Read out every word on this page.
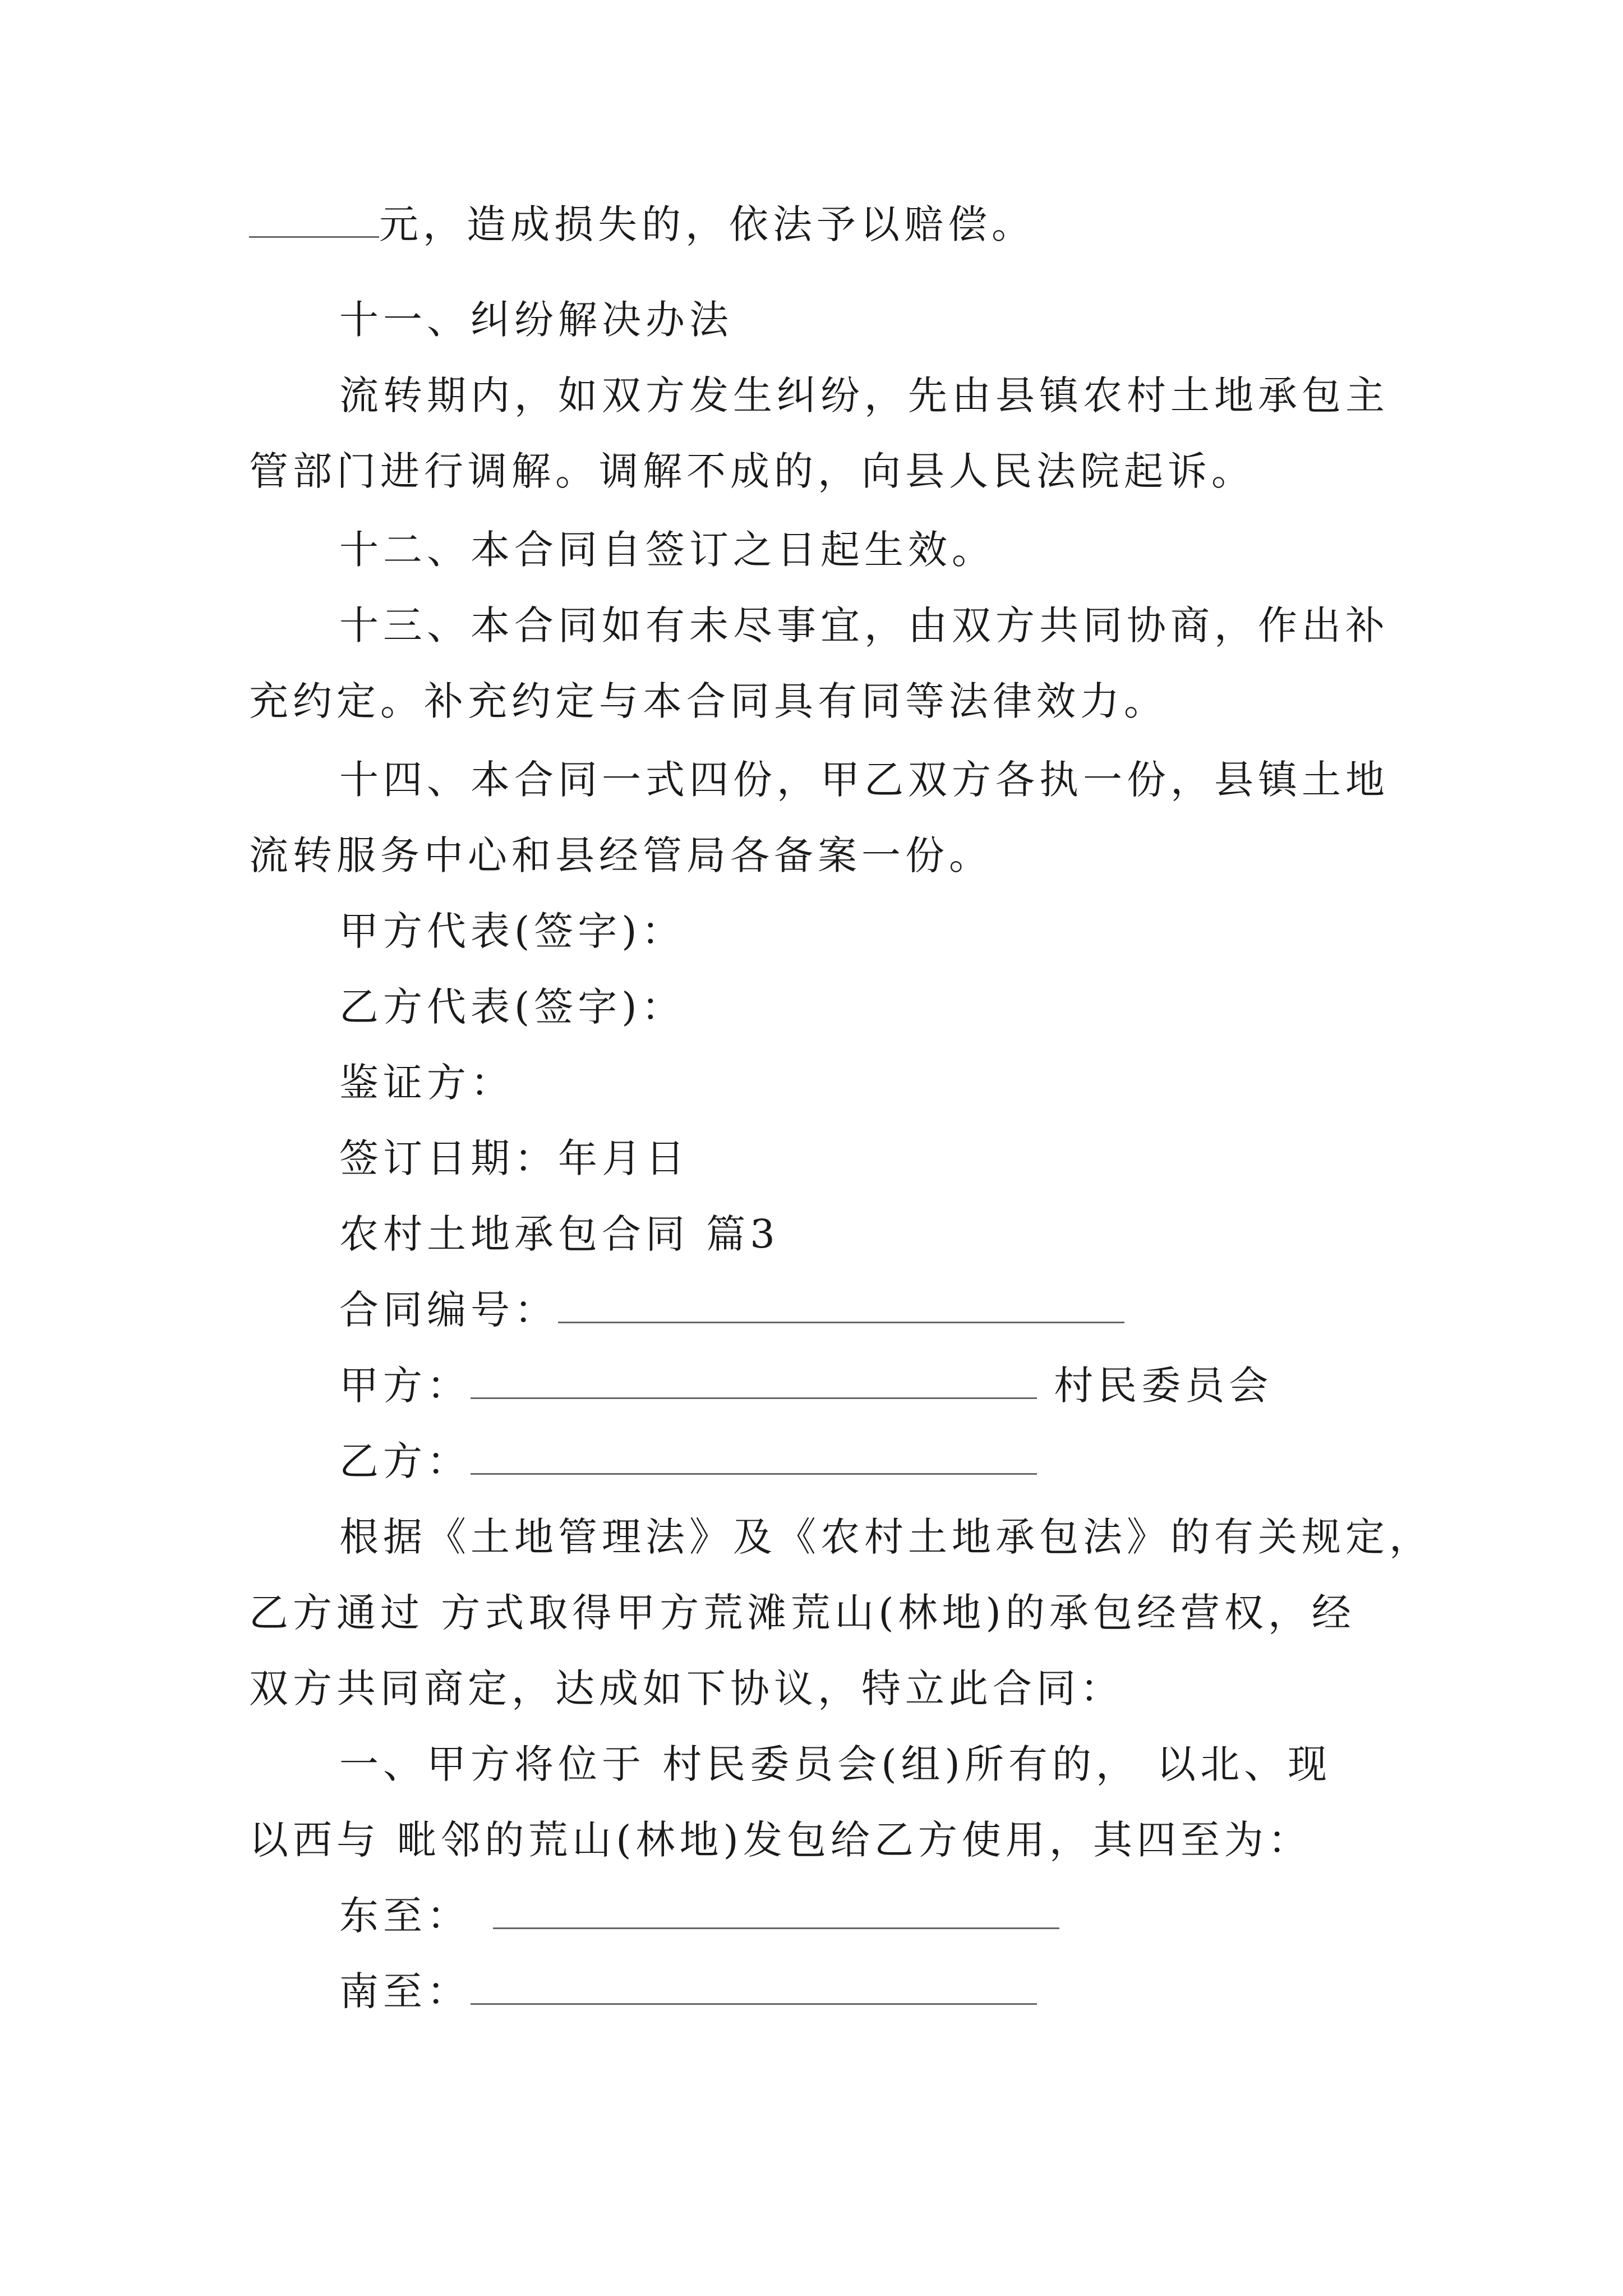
元，造成损失的，依法予以赔偿。
十一、纠纷解决办法
流转期内，如双方发生纠纷，先由县镇农村土地承包主
管部门进行调解。调解不成的，向县人民法院起诉。
十二、本合同自签订之日起生效。
十三、本合同如有未尽事宜，由双方共同协商，作出补
充约定。补充约定与本合同具有同等法律效力。
十四、本合同一式四份，甲乙双方各执一份，县镇土地
流转服务中心和县经管局各备案一份。
甲方代表(签字)：
乙方代表(签字)：
鉴证方：
签订日期：年月日
农村土地承包合同 篇3
合同编号：
甲方：	村民委员会
乙方：
根据《土地管理法》及《农村土地承包法》的有关规定，
乙方通过 方式取得甲方荒滩荒山(林地)的承包经营权，经
双方共同商定，达成如下协议，特立此合同：
一、甲方将位于 村民委员会(组)所有的， 以北、现
以西与 毗邻的荒山(林地)发包给乙方使用，其四至为：
东至：
南至：
